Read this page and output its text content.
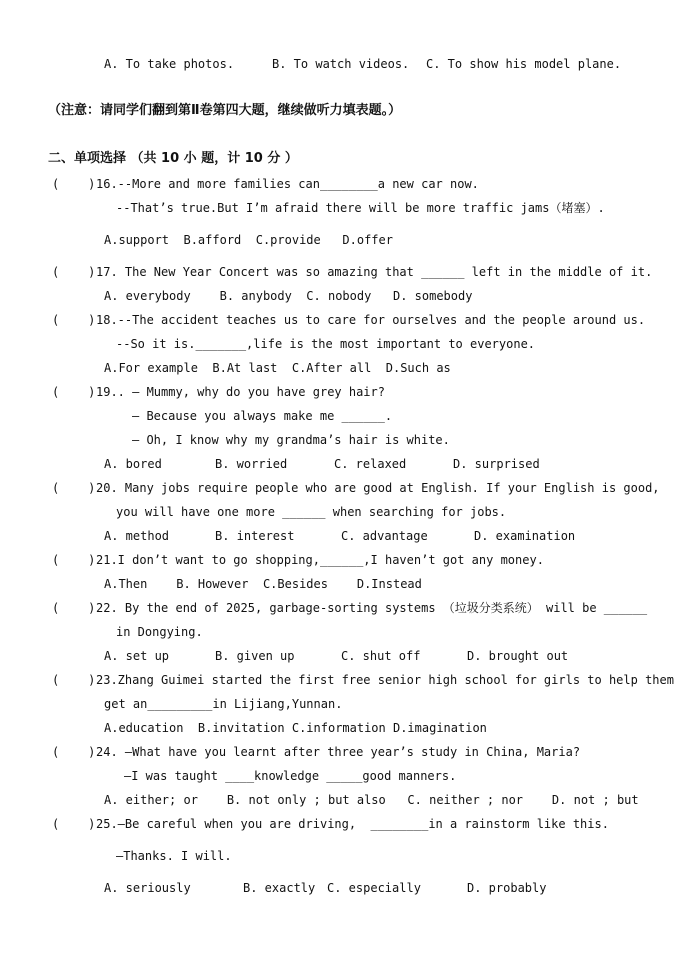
A. To take photos.	B. To watch videos. C. To show his model plane.
（注意：请同学们翻到第Ⅱ卷第四大题，继续做听力填表题。）
二、单项选择 （共 10 小 题，计 10 分 ）
(    ) 16.--More and more families can________a new car now.
--That’s true.But I’m afraid there will be more traffic jams（堵塞）.
A.support  B.afford  C.provide   D.offer
(    ) 17. The New Year Concert was so amazing that ______ left in the middle of it.
A. everybody    B. anybody  C. nobody   D. somebody
(    ) 18.--The accident teaches us to care for ourselves and the people around us.
--So it is._______,life is the most important to everyone.
A.For example  B.At last  C.After all  D.Such as
(    ) 19.. — Mummy, why do you have grey hair?
— Because you always make me ______.
— Oh, I know why my grandma’s hair is white.
A. bored	B. worried	C. relaxed	D. surprised
(    ) 20. Many jobs require people who are good at English. If your English is good,
you will have one more ______ when searching for jobs.
A. method	B. interest	C. advantage	D. examination
(    ) 21.I don’t want to go shopping,______,I haven’t got any money.
A.Then    B. However  C.Besides    D.Instead
(    ) 22. By the end of 2025, garbage-sorting systems （垃圾分类系统） will be ______
in Dongying.
A. set up	B. given up	C. shut off	D. brought out
(    ) 23.Zhang Guimei started the first free senior high school for girls to help them
get an_________in Lijiang,Yunnan.
A.education  B.invitation C.information D.imagination
(    ) 24. —What have you learnt after three year’s study in China, Maria?
—I was taught ____knowledge _____good manners.
A. either; or    B. not only ; but also   C. neither ; nor    D. not ; but
(    ) 25.—Be careful when you are driving,  ________in a rainstorm like this.
—Thanks. I will.
A. seriously	B. exactly C. especially	D. probably
